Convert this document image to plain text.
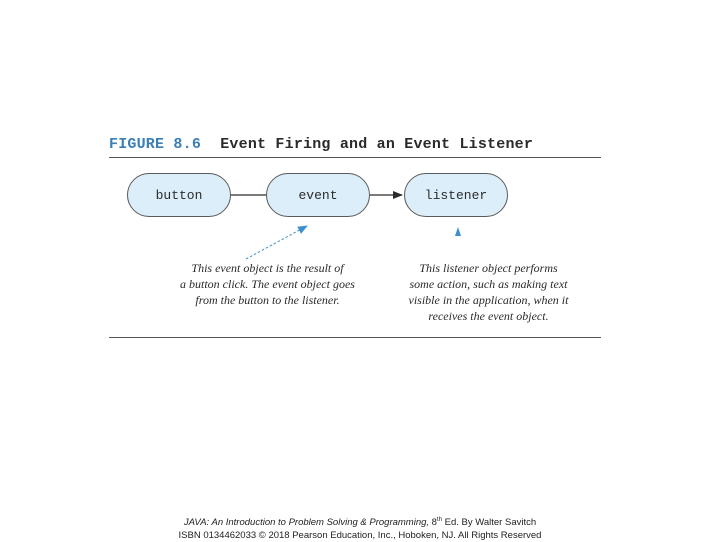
FIGURE 8.6 Event Firing and an Event Listener
button	event	listener
This event object is the result of
a button click. The event object goes
from the button to the listener.
This listener object performs
some action, such as making text
visible in the application, when it
receives the event object.
JAVA: An Introduction to Problem Solving & Programming, 8th Ed. By Walter Savitch
ISBN 0134462033 © 2018 Pearson Education, Inc., Hoboken, NJ. All Rights Reserved
